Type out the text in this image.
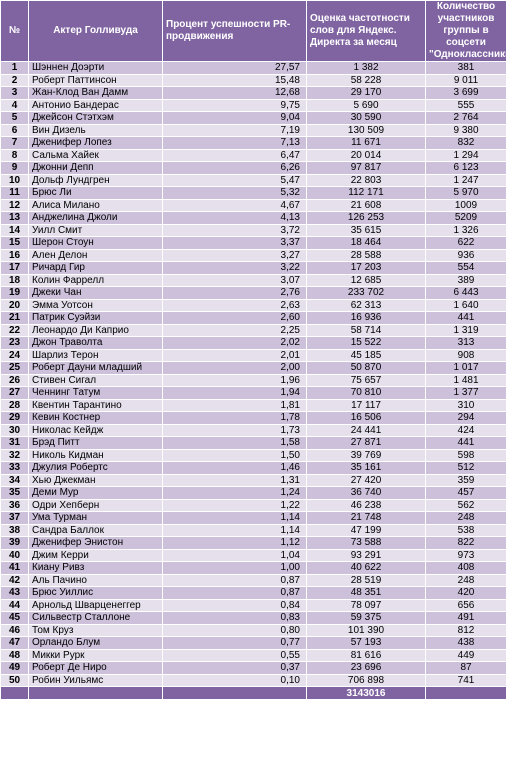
№	Актер Голливуда	Процент успешности PR-продвижения	Оценка частотности слов для Яндекс. Директа за месяц	Количество участников группы в соцсети "Одноклассники"
1	Шэннен Доэрти	27,57	1 382	381
2	Роберт Паттинсон	15,48	58 228	9 011
3	Жан-Клод Ван Дамм	12,68	29 170	3 699
4	Антонио Бандерас	9,75	5 690	555
5	Джейсон Стэтхэм	9,04	30 590	2 764
6	Вин Дизель	7,19	130 509	9 380
7	Дженифер Лопез	7,13	11 671	832
8	Сальма Хайек	6,47	20 014	1 294
9	Джонни Депп	6,26	97 817	6 123
10	Дольф Лундгрен	5,47	22 803	1 247
11	Брюс Ли	5,32	112 171	5 970
12	Алиса Милано	4,67	21 608	1009
13	Анджелина Джоли	4,13	126 253	5209
14	Уилл Смит	3,72	35 615	1 326
15	Шерон Стоун	3,37	18 464	622
16	Ален Делон	3,27	28 588	936
17	Ричард Гир	3,22	17 203	554
18	Колин Фаррелл	3,07	12 685	389
19	Джеки Чан	2,76	233 702	6 443
20	Эмма Уотсон	2,63	62 313	1 640
21	Патрик Суэйзи	2,60	16 936	441
22	Леонардо Ди Каприо	2,25	58 714	1 319
23	Джон Траволта	2,02	15 522	313
24	Шарлиз Терон	2,01	45 185	908
25	Роберт Дауни младший	2,00	50 870	1 017
26	Стивен Сигал	1,96	75 657	1 481
27	Ченнинг Татум	1,94	70 810	1 377
28	Квентин Тарантино	1,81	17 117	310
29	Кевин Костнер	1,78	16 506	294
30	Николас Кейдж	1,73	24 441	424
31	Брэд Питт	1,58	27 871	441
32	Николь Кидман	1,50	39 769	598
33	Джулия Робертс	1,46	35 161	512
34	Хью Джекман	1,31	27 420	359
35	Деми Мур	1,24	36 740	457
36	Одри Хепберн	1,22	46 238	562
37	Ума Турман	1,14	21 748	248
38	Сандра Баллок	1,14	47 199	538
39	Дженифер Энистон	1,12	73 588	822
40	Джим Керри	1,04	93 291	973
41	Киану Ривз	1,00	40 622	408
42	Аль Пачино	0,87	28 519	248
43	Брюс Уиллис	0,87	48 351	420
44	Арнольд Шварценеггер	0,84	78 097	656
45	Сильвестр Сталлоне	0,83	59 375	491
46	Том Круз	0,80	101 390	812
47	Орландо Блум	0,77	57 193	438
48	Микки Рурк	0,55	81 616	449
49	Роберт Де Ниро	0,37	23 696	87
50	Робин Уильямс	0,10	706 898	741
			3143016	
